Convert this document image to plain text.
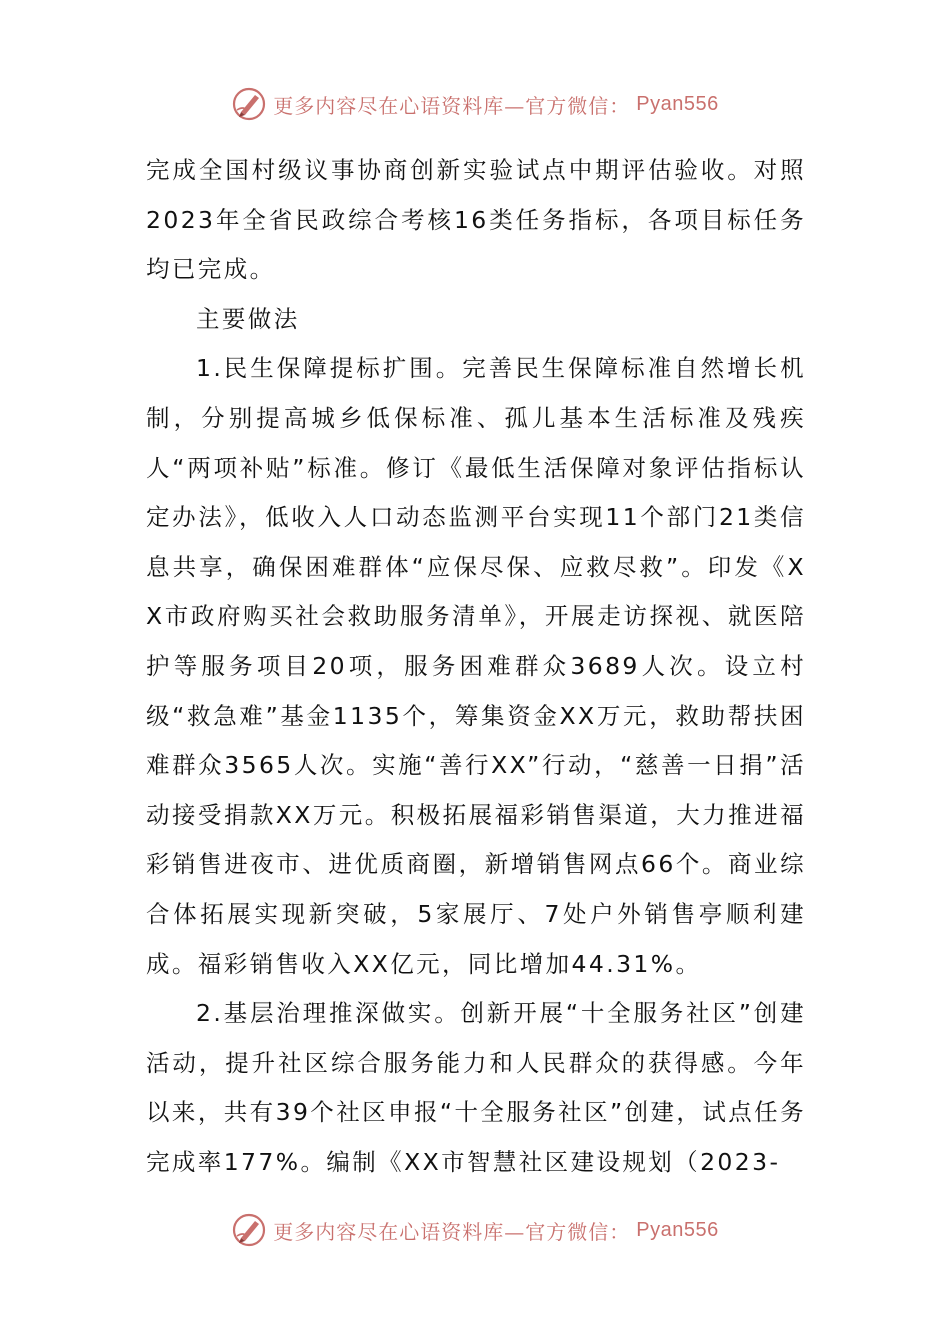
更多内容尽在心语资料库—官方微信： Pyan556

完成全国村级议事协商创新实验试点中期评估验收。对照2023年全省民政综合考核16类任务指标，各项目标任务均已完成。

主要做法

1.民生保障提标扩围。完善民生保障标准自然增长机制，分别提高城乡低保标准、孤儿基本生活标准及残疾人“两项补贴”标准。修订《最低生活保障对象评估指标认定办法》，低收入人口动态监测平台实现11个部门21类信息共享，确保困难群体“应保尽保、应救尽救”。印发《XX市政府购买社会救助服务清单》，开展走访探视、就医陪护等服务项目20项，服务困难群众3689人次。设立村级“救急难”基金1135个，筹集资金XX万元，救助帮扶困难群众3565人次。实施“善行XX”行动，“慈善一日捐”活动接受捐款XX万元。积极拓展福彩销售渠道，大力推进福彩销售进夜市、进优质商圈，新增销售网点66个。商业综合体拓展实现新突破，5家展厅、7处户外销售亭顺利建成。福彩销售收入XX亿元，同比增加44.31%。

2.基层治理推深做实。创新开展“十全服务社区”创建活动，提升社区综合服务能力和人民群众的获得感。今年以来，共有39个社区申报“十全服务社区”创建，试点任务完成率177%。编制《XX市智慧社区建设规划（2023-

更多内容尽在心语资料库—官方微信： Pyan556
